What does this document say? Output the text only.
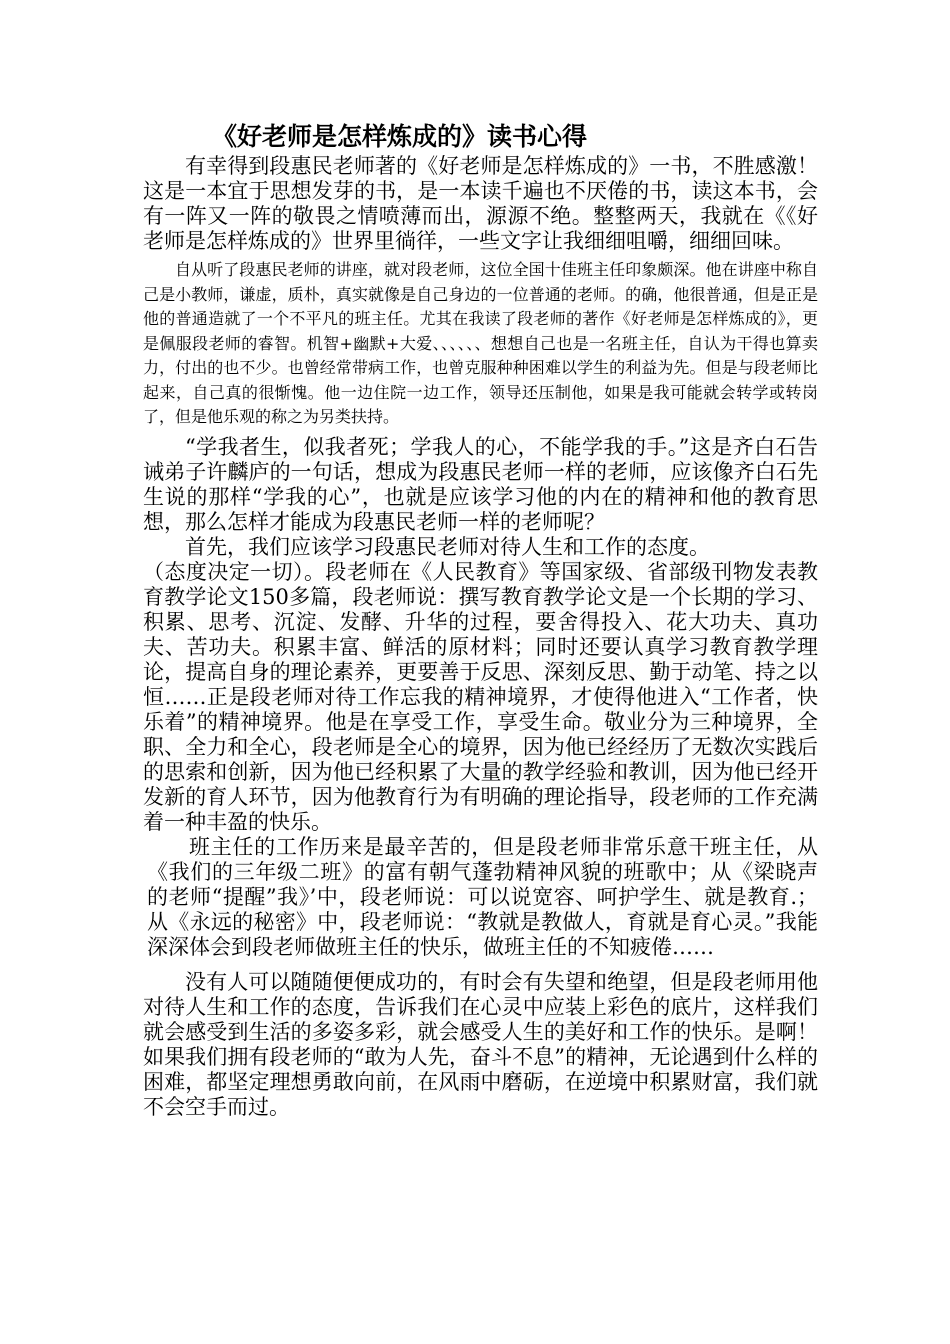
《好老师是怎样炼成的》读书心得

有幸得到段惠民老师著的《好老师是怎样炼成的》一书，不胜感激！这是一本宜于思想发芽的书，是一本读千遍也不厌倦的书，读这本书，会有一阵又一阵的敬畏之情喷薄而出，源源不绝。整整两天，我就在《《好老师是怎样炼成的》世界里徜徉，一些文字让我细细咀嚼，细细回味。

自从听了段惠民老师的讲座，就对段老师，这位全国十佳班主任印象颇深。他在讲座中称自己是小教师，谦虚，质朴，真实就像是自己身边的一位普通的老师。的确，他很普通，但是正是他的普通造就了一个不平凡的班主任。尤其在我读了段老师的著作《好老师是怎样炼成的》，更是佩服段老师的睿智。机智+幽默+大爱、、、、、、想想自己也是一名班主任，自认为干得也算卖力，付出的也不少。也曾经常带病工作，也曾克服种种困难以学生的利益为先。但是与段老师比起来，自己真的很惭愧。他一边住院一边工作，领导还压制他，如果是我可能就会转学或转岗了，但是他乐观的称之为另类扶持。

“学我者生，似我者死；学我人的心，不能学我的手。”这是齐白石告诫弟子许麟庐的一句话，想成为段惠民老师一样的老师，应该像齐白石先生说的那样“学我的心”，也就是应该学习他的内在的精神和他的教育思想，那么怎样才能成为段惠民老师一样的老师呢？

首先，我们应该学习段惠民老师对待人生和工作的态度。

（态度决定一切）。段老师在《人民教育》等国家级、省部级刊物发表教育教学论文150多篇，段老师说：撰写教育教学论文是一个长期的学习、积累、思考、沉淀、发酵、升华的过程，要舍得投入、花大功夫、真功夫、苦功夫。积累丰富、鲜活的原材料；同时还要认真学习教育教学理论，提高自身的理论素养，更要善于反思、深刻反思、勤于动笔、持之以恒……正是段老师对待工作忘我的精神境界，才使得他进入“工作者，快乐着”的精神境界。他是在享受工作，享受生命。敬业分为三种境界，全职、全力和全心，段老师是全心的境界，因为他已经经历了无数次实践后的思索和创新，因为他已经积累了大量的教学经验和教训，因为他已经开发新的育人环节，因为他教育行为有明确的理论指导，段老师的工作充满着一种丰盈的快乐。

班主任的工作历来是最辛苦的，但是段老师非常乐意干班主任，从《我们的三年级二班》的富有朝气蓬勃精神风貌的班歌中；从《梁晓声的老师“提醒”我》’中，段老师说：可以说宽容、呵护学生、就是教育.；从《永远的秘密》中，段老师说：“教就是教做人，育就是育心灵。”我能深深体会到段老师做班主任的快乐，做班主任的不知疲倦……

没有人可以随随便便成功的，有时会有失望和绝望，但是段老师用他对待人生和工作的态度，告诉我们在心灵中应装上彩色的底片，这样我们就会感受到生活的多姿多彩，就会感受人生的美好和工作的快乐。是啊！如果我们拥有段老师的“敢为人先，奋斗不息”的精神，无论遇到什么样的困难，都坚定理想勇敢向前，在风雨中磨砺，在逆境中积累财富，我们就不会空手而过。
